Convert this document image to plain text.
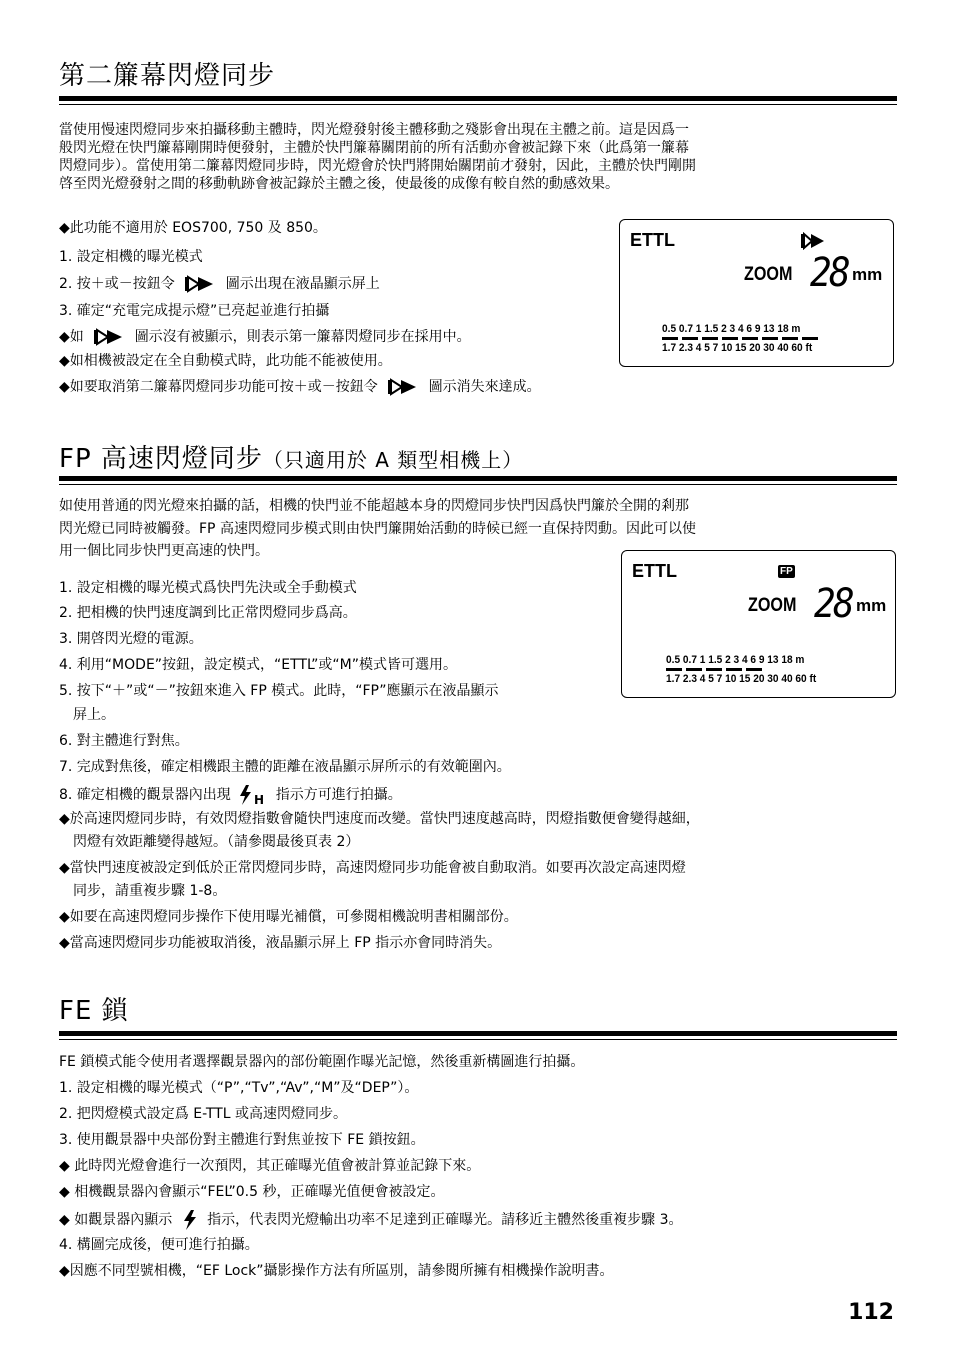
第二簾幕閃燈同步
當使用慢速閃燈同步來拍攝移動主體時，閃光燈發射後主體移動之殘影會出現在主體之前。這是因爲一
般閃光燈在快門簾幕剛開時便發射，主體於快門簾幕關閉前的所有活動亦會被記錄下來（此爲第一簾幕
閃燈同步）。當使用第二簾幕閃燈同步時，閃光燈會於快門將開始關閉前才發射，因此，主體於快門剛開
啓至閃光燈發射之間的移動軌跡會被記錄於主體之後，使最後的成像有較自然的動感效果。
◆此功能不適用於 EOS700, 750 及 850。
1. 設定相機的曝光模式
2. 按＋或－按鈕令	圖示出現在液晶顯示屏上
3. 確定“充電完成提示燈”已亮起並進行拍攝
◆如	圖示沒有被顯示，則表示第一簾幕閃燈同步在採用中。
◆如相機被設定在全自動模式時，此功能不能被使用。
◆如要取消第二簾幕閃燈同步功能可按＋或－按鈕令	圖示消失來達成。
ETTL
ZOOM 28 mm
0.5 0.7 1 1.5 2 3 4 6 9 13 18 m
1.7 2.3 4 5 7 10 15 20 30 40 60 ft
FP 高速閃燈同步（只適用於 A 類型相機上）
如使用普通的閃光燈來拍攝的話，相機的快門並不能超越本身的閃燈同步快門因爲快門簾於全開的剎那
閃光燈已同時被觸發。FP 高速閃燈同步模式則由快門簾開始活動的時候已經一直保持閃動。因此可以使
用一個比同步快門更高速的快門。
1. 設定相機的曝光模式爲快門先決或全手動模式
2. 把相機的快門速度調到比正常閃燈同步爲高。
3. 開啓閃光燈的電源。
4. 利用“MODE”按鈕，設定模式，“ETTL”或“M”模式皆可選用。
5. 按下“＋”或“－”按鈕來進入 FP 模式。此時，“FP”應顯示在液晶顯示
　屏上。
6. 對主體進行對焦。
7. 完成對焦後，確定相機跟主體的距離在液晶顯示屏所示的有效範圍內。
8. 確定相機的觀景器內出現 H 指示方可進行拍攝。
◆於高速閃燈同步時，有效閃燈指數會隨快門速度而改變。當快門速度越高時，閃燈指數便會變得越細，
　閃燈有效距離變得越短。（請參閱最後頁表 2）
◆當快門速度被設定到低於正常閃燈同步時，高速閃燈同步功能會被自動取消。如要再次設定高速閃燈
　同步，請重複步驟 1-8。
◆如要在高速閃燈同步操作下使用曝光補償，可參閱相機說明書相關部份。
◆當高速閃燈同步功能被取消後，液晶顯示屏上 FP 指示亦會同時消失。
ETTL	FP
ZOOM 28 mm
0.5 0.7 1 1.5 2 3 4 6 9 13 18 m
1.7 2.3 4 5 7 10 15 20 30 40 60 ft
FE 鎖
FE 鎖模式能令使用者選擇觀景器內的部份範圍作曝光記憶，然後重新構圖進行拍攝。
1. 設定相機的曝光模式（“P”,“Tv”,“Av”,“M”及“DEP”）。
2. 把閃燈模式設定爲 E-TTL 或高速閃燈同步。
3. 使用觀景器中央部份對主體進行對焦並按下 FE 鎖按鈕。
◆ 此時閃光燈會進行一次預閃，其正確曝光值會被計算並記錄下來。
◆ 相機觀景器內會顯示“FEL”0.5 秒，正確曝光值便會被設定。
◆ 如觀景器內顯示 指示，代表閃光燈輸出功率不足達到正確曝光。請移近主體然後重複步驟 3。
4. 構圖完成後，便可進行拍攝。
◆因應不同型號相機，“EF Lock”攝影操作方法有所區別，請參閱所擁有相機操作說明書。
112
